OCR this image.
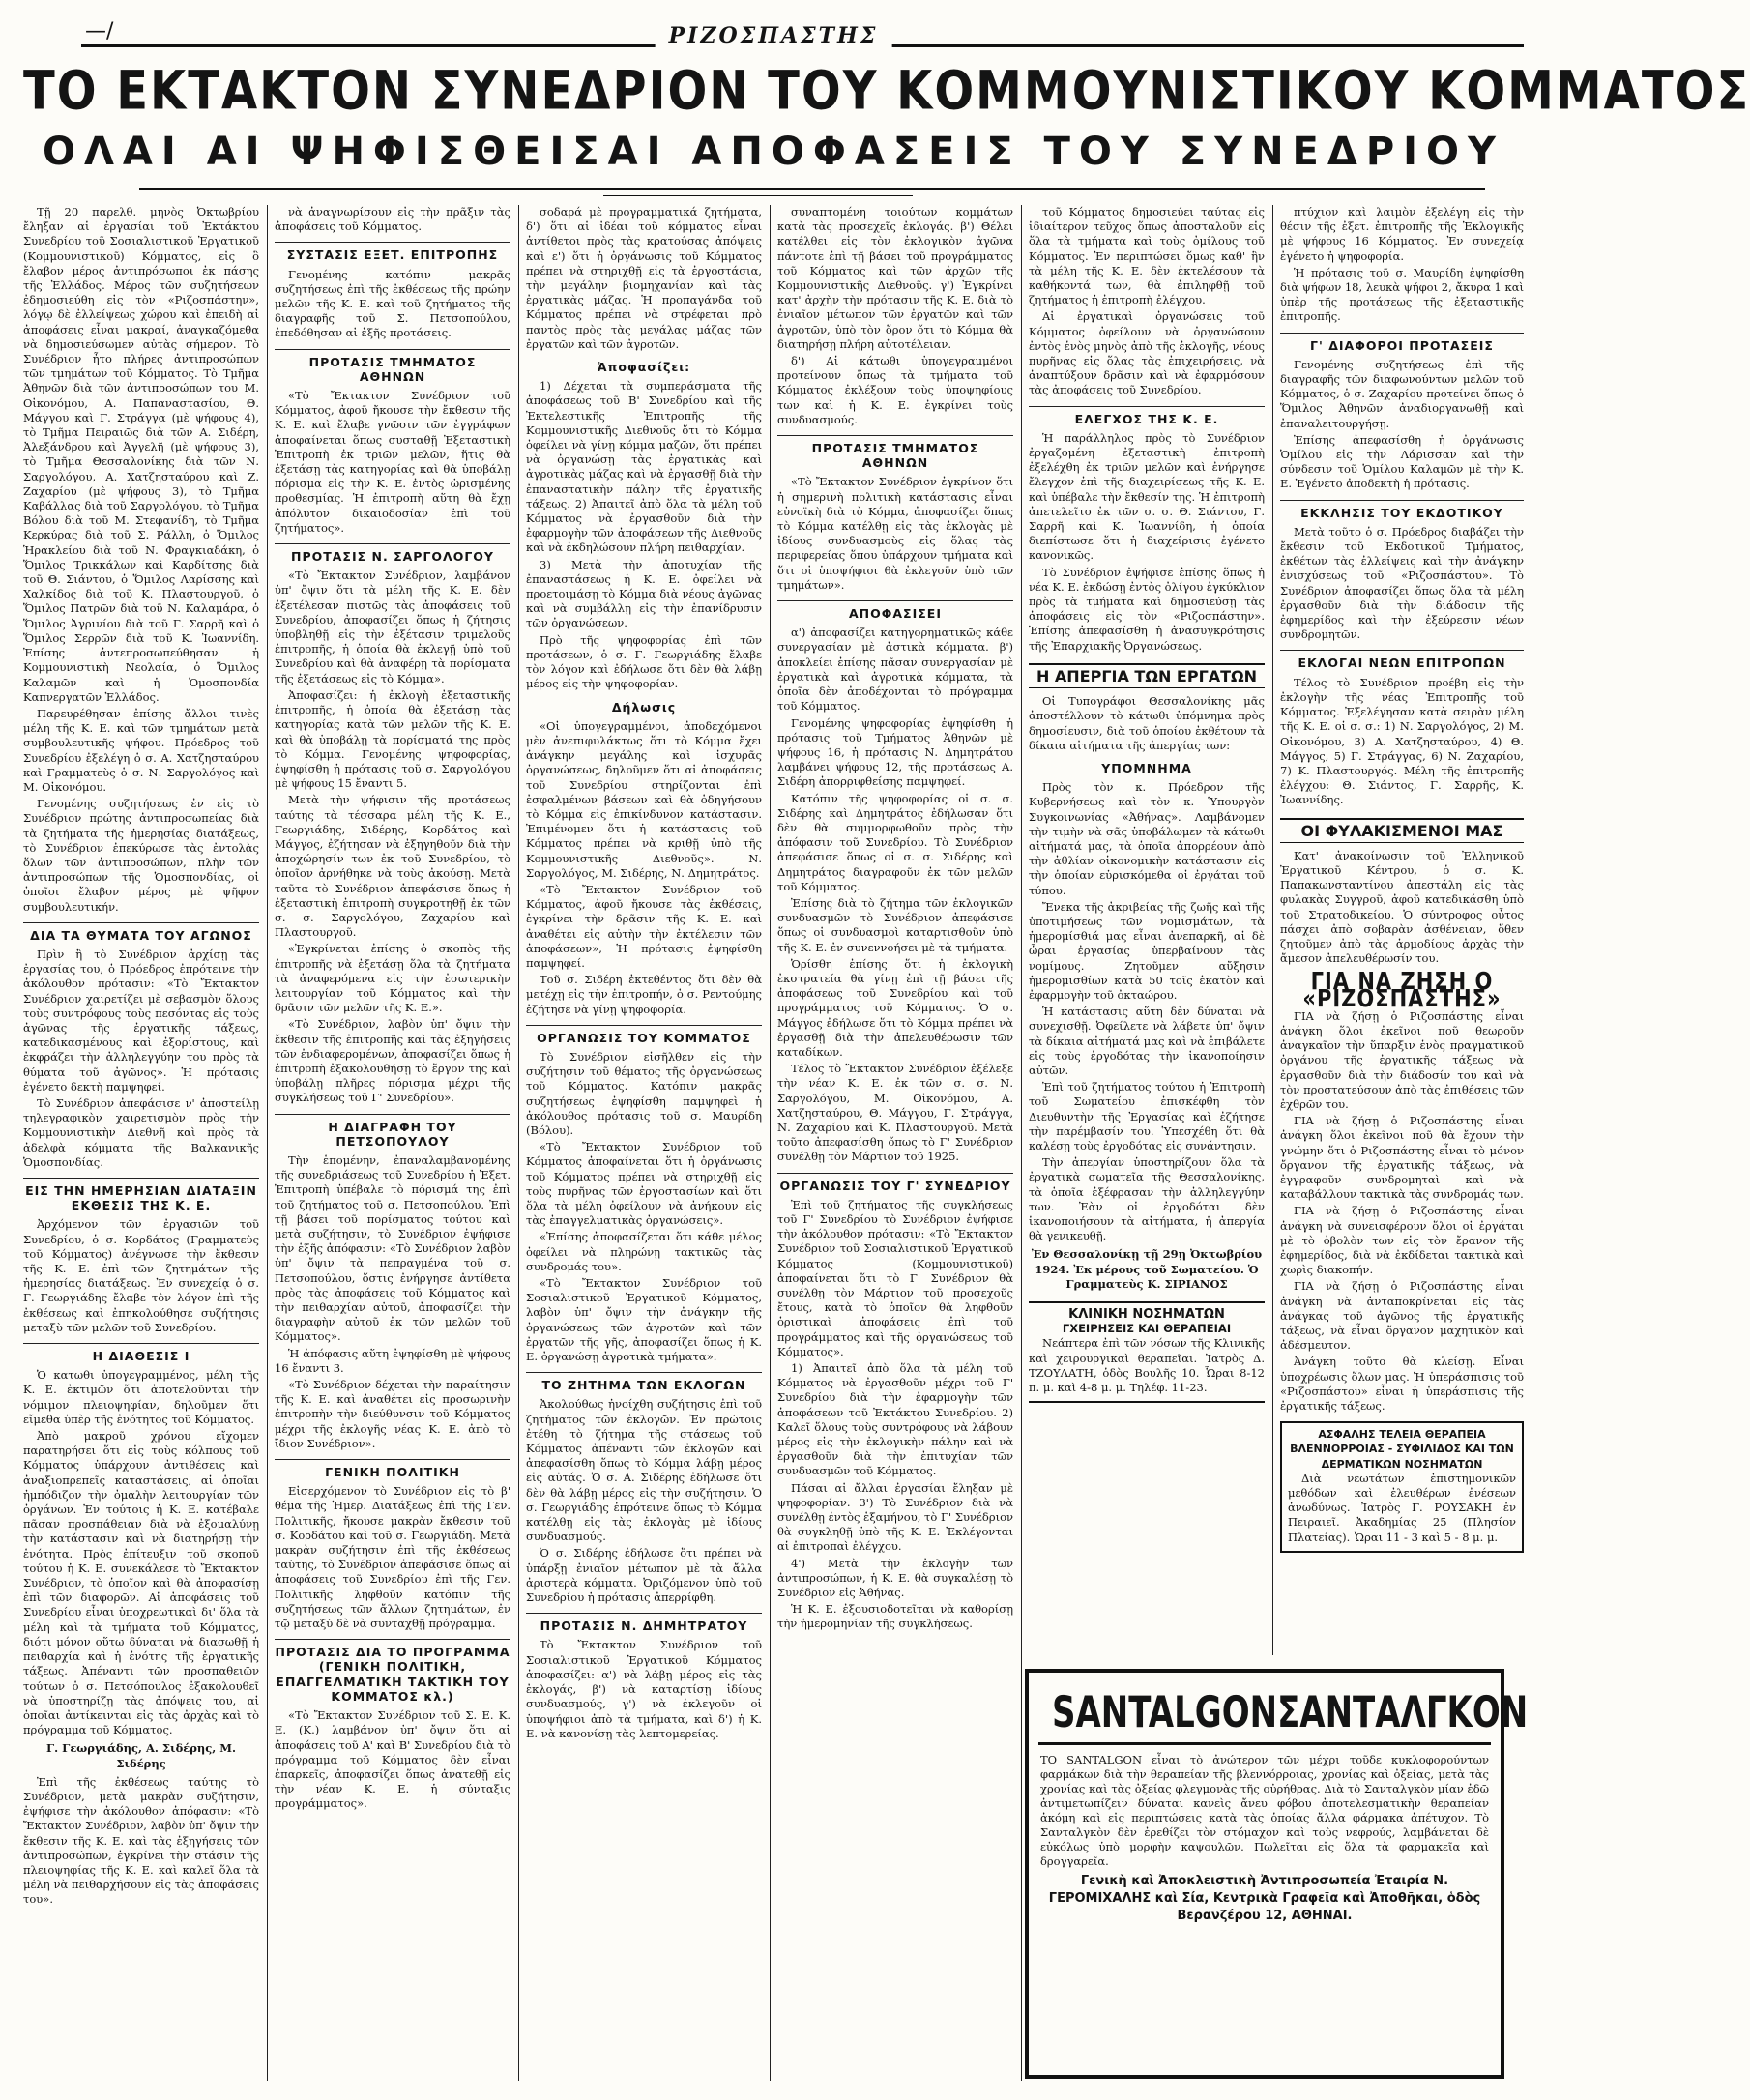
—/	ΡΙΖΟΣΠΑΣΤΗΣ
ΤΟ ΕΚΤΑΚΤΟΝ ΣΥΝΕΔΡΙΟΝ ΤΟΥ ΚΟΜΜΟΥΝΙΣΤΙΚΟΥ ΚΟΜΜΑΤΟΣ
ΟΛΑΙ ΑΙ ΨΗΦΙΣΘΕΙΣΑΙ ΑΠΟΦΑΣΕΙΣ ΤΟΥ ΣΥΝΕΔΡΙΟΥ

Τῇ 20 παρελθ. μηνὸς Ὀκτωβρίου ἔληξαν αἱ ἐργασίαι τοῦ Ἐκτάκτου Συνεδρίου τοῦ Σοσιαλιστικοῦ Ἐργατικοῦ (Κομμουνιστικοῦ) Κόμματος, εἰς ὃ ἔλαβον μέρος ἀντιπρόσωποι ἐκ πάσης τῆς Ἑλλάδος. Μέρος τῶν συζητήσεων ἐδημοσιεύθη εἰς τὸν «Ριζοσπάστην», λόγῳ δὲ ἐλλείψεως χώρου καὶ ἐπειδὴ αἱ ἀποφάσεις εἶναι μακραί, ἀναγκαζόμεθα νὰ δημοσιεύσωμεν αὐτὰς σήμερον. Τὸ Συνέδριον ἦτο πλήρες ἀντιπροσώπων τῶν τμημάτων τοῦ Κόμματος. Τὸ Τμῆμα Ἀθηνῶν διὰ τῶν ἀντιπροσώπων του Μ. Οἰκονόμου, Α. Παπαναστασίου, Θ. Μάγγου καὶ Γ. Στράγγα (μὲ ψήφους 4), τὸ Τμῆμα Πειραιῶς διὰ τῶν Α. Σιδέρη, Ἀλεξάνδρου καὶ Ἀγγελῆ (μὲ ψήφους 3), τὸ Τμῆμα Θεσσαλονίκης διὰ τῶν Ν. Σαργολόγου, Α. Χατζησταύρου καὶ Ζ. Ζαχαρίου (μὲ ψήφους 3), τὸ Τμῆμα Καβάλλας διὰ τοῦ Σαργολόγου, τὸ Τμῆμα Βόλου διὰ τοῦ Μ. Στεφανίδη, τὸ Τμῆμα Κερκύρας διὰ τοῦ Σ. Ράλλη, ὁ Ὅμιλος Ἡρακλείου διὰ τοῦ Ν. Φραγκιαδάκη, ὁ Ὅμιλος Τρικκάλων καὶ Καρδίτσης διὰ τοῦ Θ. Σιάντου, ὁ Ὅμιλος Λαρίσσης καὶ Χαλκίδος διὰ τοῦ Κ. Πλαστουργοῦ, ὁ Ὅμιλος Πατρῶν διὰ τοῦ Ν. Καλαμάρα, ὁ Ὅμιλος Ἀγρινίου διὰ τοῦ Γ. Σαρρῆ καὶ ὁ Ὅμιλος Σερρῶν διὰ τοῦ Κ. Ἰωαννίδη. Ἐπίσης ἀντεπροσωπεύθησαν ἡ Κομμουνιστικὴ Νεολαία, ὁ Ὅμιλος Καλαμῶν καὶ ἡ Ὁμοσπονδία Καπνεργατῶν Ἑλλάδος.

Παρευρέθησαν ἐπίσης ἄλλοι τινὲς μέλη τῆς Κ. Ε. καὶ τῶν τμημάτων μετὰ συμβουλευτικῆς ψήφου. Πρόεδρος τοῦ Συνεδρίου ἐξελέγη ὁ σ. Α. Χατζησταύρου καὶ Γραμματεὺς ὁ σ. Ν. Σαργολόγος καὶ Μ. Οἰκονόμου.

Γενομένης συζητήσεως ἐν εἰς τὸ Συνέδριον πρώτης ἀντιπροσωπείας διὰ τὰ ζητήματα τῆς ἡμερησίας διατάξεως, τὸ Συνέδριον ἐπεκύρωσε τὰς ἐντολὰς ὅλων τῶν ἀντιπροσώπων, πλὴν τῶν ἀντιπροσώπων τῆς Ὁμοσπονδίας, οἱ ὁποῖοι ἔλαβον μέρος μὲ ψῆφον συμβουλευτικήν.

ΔΙΑ ΤΑ ΘΥΜΑΤΑ ΤΟΥ ΑΓΩΝΟΣ

Πρὶν ἢ τὸ Συνέδριον ἀρχίσῃ τὰς ἐργασίας του, ὁ Πρόεδρος ἐπρότεινε τὴν ἀκόλουθον πρότασιν: «Τὸ Ἔκτακτον Συνέδριον χαιρετίζει μὲ σεβασμὸν ὅλους τοὺς συντρόφους τοὺς πεσόντας εἰς τοὺς ἀγῶνας τῆς ἐργατικῆς τάξεως, κατεδικασμένους καὶ ἐξορίστους, καὶ ἐκφράζει τὴν ἀλληλεγγύην του πρὸς τὰ θύματα τοῦ ἀγῶνος». Ἡ πρότασις ἐγένετο δεκτὴ παμψηφεί.

Τὸ Συνέδριον ἀπεφάσισε ν' ἀποστείλῃ τηλεγραφικὸν χαιρετισμὸν πρὸς τὴν Κομμουνιστικὴν Διεθνῆ καὶ πρὸς τὰ ἀδελφὰ κόμματα τῆς Βαλκανικῆς Ὁμοσπονδίας.

ΕΙΣ ΤΗΝ ΗΜΕΡΗΣΙΑΝ ΔΙΑΤΑΞΙΝ ΕΚΘΕΣΙΣ ΤΗΣ Κ. Ε.

Ἀρχόμενον τῶν ἐργασιῶν τοῦ Συνεδρίου, ὁ σ. Κορδάτος (Γραμματεὺς τοῦ Κόμματος) ἀνέγνωσε τὴν ἔκθεσιν τῆς Κ. Ε. ἐπὶ τῶν ζητημάτων τῆς ἡμερησίας διατάξεως. Ἐν συνεχείᾳ ὁ σ. Γ. Γεωργιάδης ἔλαβε τὸν λόγον ἐπὶ τῆς ἐκθέσεως καὶ ἐπηκολούθησε συζήτησις μεταξὺ τῶν μελῶν τοῦ Συνεδρίου.

Η ΔΙΑΘΕΣΙΣ Ι

Ὁ κατωθι ὑπογεγραμμένος, μέλη τῆς Κ. Ε. ἐκτιμῶν ὅτι ἀποτελοῦνται τὴν νόμιμον πλειοψηφίαν, δηλοῦμεν ὅτι εἴμεθα ὑπὲρ τῆς ἐνότητος τοῦ Κόμματος.

Ἀπὸ μακροῦ χρόνου εἴχομεν παρατηρήσει ὅτι εἰς τοὺς κόλπους τοῦ Κόμματος ὑπάρχουν ἀντιθέσεις καὶ ἀναξιοπρεπεῖς καταστάσεις, αἱ ὁποῖαι ἠμπόδιζον τὴν ὀμαλὴν λειτουργίαν τῶν ὀργάνων. Ἐν τούτοις ἡ Κ. Ε. κατέβαλε πᾶσαν προσπάθειαν διὰ νὰ ἐξομαλύνῃ τὴν κατάστασιν καὶ νὰ διατηρήσῃ τὴν ἑνότητα. Πρὸς ἐπίτευξιν τοῦ σκοποῦ τούτου ἡ Κ. Ε. συνεκάλεσε τὸ Ἔκτακτον Συνέδριον, τὸ ὁποῖον καὶ θὰ ἀποφασίσῃ ἐπὶ τῶν διαφορῶν. Αἱ ἀποφάσεις τοῦ Συνεδρίου εἶναι ὑποχρεωτικαὶ δι' ὅλα τὰ μέλη καὶ τὰ τμήματα τοῦ Κόμματος, διότι μόνον οὕτω δύναται νὰ διασωθῇ ἡ πειθαρχία καὶ ἡ ἑνότης τῆς ἐργατικῆς τάξεως. Ἀπέναντι τῶν προσπαθειῶν τούτων ὁ σ. Πετσόπουλος ἐξακολουθεῖ νὰ ὑποστηρίζῃ τὰς ἀπόψεις του, αἱ ὁποῖαι ἀντίκεινται εἰς τὰς ἀρχὰς καὶ τὸ πρόγραμμα τοῦ Κόμματος.

Γ. Γεωργιάδης, Α. Σιδέρης, Μ. Σιδέρης

Ἐπὶ τῆς ἐκθέσεως ταύτης τὸ Συνέδριον, μετὰ μακρὰν συζήτησιν, ἐψήφισε τὴν ἀκόλουθον ἀπόφασιν: «Τὸ Ἔκτακτον Συνέδριον, λαβὸν ὑπ' ὄψιν τὴν ἔκθεσιν τῆς Κ. Ε. καὶ τὰς ἐξηγήσεις τῶν ἀντιπροσώπων, ἐγκρίνει τὴν στάσιν τῆς πλειοψηφίας τῆς Κ. Ε. καὶ καλεῖ ὅλα τὰ μέλη νὰ πειθαρχήσουν εἰς τὰς ἀποφάσεις του».

νὰ ἀναγνωρίσουν εἰς τὴν πρᾶξιν τὰς ἀποφάσεις τοῦ Κόμματος.

ΣΥΣΤΑΣΙΣ ΕΞΕΤ. ΕΠΙΤΡΟΠΗΣ

Γενομένης κατόπιν μακρᾶς συζητήσεως ἐπὶ τῆς ἐκθέσεως τῆς πρώην μελῶν τῆς Κ. Ε. καὶ τοῦ ζητήματος τῆς διαγραφῆς τοῦ Σ. Πετσοπούλου, ἐπεδόθησαν αἱ ἑξῆς προτάσεις.

ΠΡΟΤΑΣΙΣ ΤΜΗΜΑΤΟΣ ΑΘΗΝΩΝ

«Τὸ Ἔκτακτον Συνέδριον τοῦ Κόμματος, ἀφοῦ ἤκουσε τὴν ἔκθεσιν τῆς Κ. Ε. καὶ ἔλαβε γνῶσιν τῶν ἐγγράφων ἀποφαίνεται ὅπως συσταθῇ Ἐξεταστικὴ Ἐπιτροπὴ ἐκ τριῶν μελῶν, ἥτις θὰ ἐξετάσῃ τὰς κατηγορίας καὶ θὰ ὑποβάλῃ πόρισμα εἰς τὴν Κ. Ε. ἐντὸς ὡρισμένης προθεσμίας. Ἡ ἐπιτροπὴ αὕτη θὰ ἔχῃ ἀπόλυτον δικαιοδοσίαν ἐπὶ τοῦ ζητήματος».

ΠΡΟΤΑΣΙΣ Ν. ΣΑΡΓΟΛΟΓΟΥ

«Τὸ Ἔκτακτον Συνέδριον, λαμβάνον ὑπ' ὄψιν ὅτι τὰ μέλη τῆς Κ. Ε. δὲν ἐξετέλεσαν πιστῶς τὰς ἀποφάσεις τοῦ Συνεδρίου, ἀποφασίζει ὅπως ἡ ζήτησις ὑποβληθῇ εἰς τὴν ἐξέτασιν τριμελοῦς ἐπιτροπῆς, ἡ ὁποία θὰ ἐκλεγῇ ὑπὸ τοῦ Συνεδρίου καὶ θὰ ἀναφέρῃ τὰ πορίσματα τῆς ἐξετάσεως εἰς τὸ Κόμμα».

Ἀποφασίζει: ἡ ἐκλογὴ ἐξεταστικῆς ἐπιτροπῆς, ἡ ὁποία θὰ ἐξετάσῃ τὰς κατηγορίας κατὰ τῶν μελῶν τῆς Κ. Ε. καὶ θὰ ὑποβάλῃ τὰ πορίσματά της πρὸς τὸ Κόμμα. Γενομένης ψηφοφορίας, ἐψηφίσθη ἡ πρότασις τοῦ σ. Σαργολόγου μὲ ψήφους 15 ἔναντι 5.

Μετὰ τὴν ψήφισιν τῆς προτάσεως ταύτης τὰ τέσσαρα μέλη τῆς Κ. Ε., Γεωργιάδης, Σιδέρης, Κορδάτος καὶ Μάγγος, ἐζήτησαν νὰ ἐξηγηθοῦν διὰ τὴν ἀποχώρησίν των ἐκ τοῦ Συνεδρίου, τὸ ὁποῖον ἀρνήθηκε νὰ τοὺς ἀκούσῃ. Μετὰ ταῦτα τὸ Συνέδριον ἀπεφάσισε ὅπως ἡ ἐξεταστικὴ ἐπιτροπὴ συγκροτηθῇ ἐκ τῶν σ. σ. Σαργολόγου, Ζαχαρίου καὶ Πλαστουργοῦ.

«Ἐγκρίνεται ἐπίσης ὁ σκοπὸς τῆς ἐπιτροπῆς νὰ ἐξετάσῃ ὅλα τὰ ζητήματα τὰ ἀναφερόμενα εἰς τὴν ἐσωτερικὴν λειτουργίαν τοῦ Κόμματος καὶ τὴν δρᾶσιν τῶν μελῶν τῆς Κ. Ε.».

«Τὸ Συνέδριον, λαβὸν ὑπ' ὄψιν τὴν ἔκθεσιν τῆς ἐπιτροπῆς καὶ τὰς ἐξηγήσεις τῶν ἐνδιαφερομένων, ἀποφασίζει ὅπως ἡ ἐπιτροπὴ ἐξακολουθήσῃ τὸ ἔργον της καὶ ὑποβάλῃ πλῆρες πόρισμα μέχρι τῆς συγκλήσεως τοῦ Γ' Συνεδρίου».

Η ΔΙΑΓΡΑΦΗ ΤΟΥ ΠΕΤΣΟΠΟΥΛΟΥ

Τὴν ἑπομένην, ἐπαναλαμβανομένης τῆς συνεδριάσεως τοῦ Συνεδρίου ἡ Ἐξετ. Ἐπιτροπὴ ὑπέβαλε τὸ πόρισμά της ἐπὶ τοῦ ζητήματος τοῦ σ. Πετσοπούλου. Ἐπὶ τῇ βάσει τοῦ πορίσματος τούτου καὶ μετὰ συζήτησιν, τὸ Συνέδριον ἐψήφισε τὴν ἑξῆς ἀπόφασιν: «Τὸ Συνέδριον λαβὸν ὑπ' ὄψιν τὰ πεπραγμένα τοῦ σ. Πετσοπούλου, ὅστις ἐνήργησε ἀντίθετα πρὸς τὰς ἀποφάσεις τοῦ Κόμματος καὶ τὴν πειθαρχίαν αὐτοῦ, ἀποφασίζει τὴν διαγραφὴν αὐτοῦ ἐκ τῶν μελῶν τοῦ Κόμματος».

Ἡ ἀπόφασις αὕτη ἐψηφίσθη μὲ ψήφους 16 ἔναντι 3.

«Τὸ Συνέδριον δέχεται τὴν παραίτησιν τῆς Κ. Ε. καὶ ἀναθέτει εἰς προσωρινὴν ἐπιτροπὴν τὴν διεύθυνσιν τοῦ Κόμματος μέχρι τῆς ἐκλογῆς νέας Κ. Ε. ἀπὸ τὸ ἴδιον Συνέδριον».

ΓΕΝΙΚΗ ΠΟΛΙΤΙΚΗ

Εἰσερχόμενον τὸ Συνέδριον εἰς τὸ β' θέμα τῆς Ἡμερ. Διατάξεως ἐπὶ τῆς Γεν. Πολιτικῆς, ἤκουσε μακρὰν ἔκθεσιν τοῦ σ. Κορδάτου καὶ τοῦ σ. Γεωργιάδη. Μετὰ μακρὰν συζήτησιν ἐπὶ τῆς ἐκθέσεως ταύτης, τὸ Συνέδριον ἀπεφάσισε ὅπως αἱ ἀποφάσεις τοῦ Συνεδρίου ἐπὶ τῆς Γεν. Πολιτικῆς ληφθοῦν κατόπιν τῆς συζητήσεως τῶν ἄλλων ζητημάτων, ἐν τῷ μεταξὺ δὲ νὰ συνταχθῇ πρόγραμμα.

ΠΡΟΤΑΣΙΣ ΔΙΑ ΤΟ ΠΡΟΓΡΑΜΜΑ (ΓΕΝΙΚΗ ΠΟΛΙΤΙΚΗ, ΕΠΑΓΓΕΛΜΑΤΙΚΗ ΤΑΚΤΙΚΗ ΤΟΥ ΚΟΜΜΑΤΟΣ κλ.)

«Τὸ Ἔκτακτον Συνέδριον τοῦ Σ. Ε. Κ. Ε. (Κ.) λαμβάνον ὑπ' ὄψιν ὅτι αἱ ἀποφάσεις τοῦ Α' καὶ Β' Συνεδρίου διὰ τὸ πρόγραμμα τοῦ Κόμματος δὲν εἶναι ἐπαρκεῖς, ἀποφασίζει ὅπως ἀνατεθῇ εἰς τὴν νέαν Κ. Ε. ἡ σύνταξις προγράμματος».

σοδαρά μὲ προγραμματικά ζητήματα, δ') ὅτι αἱ ἰδέαι τοῦ κόμματος εἶναι ἀντίθετοι πρὸς τὰς κρατούσας ἀπόψεις καὶ ε') ὅτι ἡ ὀργάνωσις τοῦ Κόμματος πρέπει νὰ στηριχθῇ εἰς τὰ ἐργοστάσια, τὴν μεγάλην βιομηχανίαν καὶ τὰς ἐργατικὰς μάζας. Ἡ προπαγάνδα τοῦ Κόμματος πρέπει νὰ στρέφεται πρὸ παντὸς πρὸς τὰς μεγάλας μάζας τῶν ἐργατῶν καὶ τῶν ἀγροτῶν.

Ἀποφασίζει:

1) Δέχεται τὰ συμπεράσματα τῆς ἀποφάσεως τοῦ Β' Συνεδρίου καὶ τῆς Ἐκτελεστικῆς Ἐπιτροπῆς τῆς Κομμουνιστικῆς Διεθνοῦς ὅτι τὸ Κόμμα ὀφείλει νὰ γίνῃ κόμμα μαζῶν, ὅτι πρέπει νὰ ὀργανώσῃ τὰς ἐργατικὰς καὶ ἀγροτικὰς μάζας καὶ νὰ ἐργασθῇ διὰ τὴν ἐπαναστατικὴν πάλην τῆς ἐργατικῆς τάξεως. 2) Ἀπαιτεῖ ἀπὸ ὅλα τὰ μέλη τοῦ Κόμματος νὰ ἐργασθοῦν διὰ τὴν ἐφαρμογὴν τῶν ἀποφάσεων τῆς Διεθνοῦς καὶ νὰ ἐκδηλώσουν πλήρη πειθαρχίαν.

3) Μετὰ τὴν ἀποτυχίαν τῆς ἐπαναστάσεως ἡ Κ. Ε. ὀφείλει νὰ προετοιμάσῃ τὸ Κόμμα διὰ νέους ἀγῶνας καὶ νὰ συμβάλλῃ εἰς τὴν ἐπανίδρυσιν τῶν ὀργανώσεων.

Πρὸ τῆς ψηφοφορίας ἐπὶ τῶν προτάσεων, ὁ σ. Γ. Γεωργιάδης ἔλαβε τὸν λόγον καὶ ἐδήλωσε ὅτι δὲν θὰ λάβῃ μέρος εἰς τὴν ψηφοφορίαν.

Δήλωσις

«Οἱ ὑπογεγραμμένοι, ἀποδεχόμενοι μὲν ἀνεπιφυλάκτως ὅτι τὸ Κόμμα ἔχει ἀνάγκην μεγάλης καὶ ἰσχυρᾶς ὀργανώσεως, δηλοῦμεν ὅτι αἱ ἀποφάσεις τοῦ Συνεδρίου στηρίζονται ἐπὶ ἐσφαλμένων βάσεων καὶ θὰ ὁδηγήσουν τὸ Κόμμα εἰς ἐπικίνδυνον κατάστασιν. Ἐπιμένομεν ὅτι ἡ κατάστασις τοῦ Κόμματος πρέπει νὰ κριθῇ ὑπὸ τῆς Κομμουνιστικῆς Διεθνοῦς». Ν. Σαργολόγος, Μ. Σιδέρης, Ν. Δημητράτος.

«Τὸ Ἔκτακτον Συνέδριον τοῦ Κόμματος, ἀφοῦ ἤκουσε τὰς ἐκθέσεις, ἐγκρίνει τὴν δρᾶσιν τῆς Κ. Ε. καὶ ἀναθέτει εἰς αὐτὴν τὴν ἐκτέλεσιν τῶν ἀποφάσεων», Ἡ πρότασις ἐψηφίσθη παμψηφεί.

Τοῦ σ. Σιδέρη ἐκτεθέντος ὅτι δὲν θὰ μετέχῃ εἰς τὴν ἐπιτροπήν, ὁ σ. Ρεντούμης ἐζήτησε νὰ γίνῃ ψηφοφορία.

ΟΡΓΑΝΩΣΙΣ ΤΟΥ ΚΟΜΜΑΤΟΣ

Τὸ Συνέδριον εἰσῆλθεν εἰς τὴν συζήτησιν τοῦ θέματος τῆς ὀργανώσεως τοῦ Κόμματος. Κατόπιν μακρᾶς συζητήσεως ἐψηφίσθη παμψηφεὶ ἡ ἀκόλουθος πρότασις τοῦ σ. Μαυρίδη (Βόλου).

«Τὸ Ἔκτακτον Συνέδριον τοῦ Κόμματος ἀποφαίνεται ὅτι ἡ ὀργάνωσις τοῦ Κόμματος πρέπει νὰ στηριχθῇ εἰς τοὺς πυρῆνας τῶν ἐργοστασίων καὶ ὅτι ὅλα τὰ μέλη ὀφείλουν νὰ ἀνήκουν εἰς τὰς ἐπαγγελματικὰς ὀργανώσεις».

«Ἐπίσης ἀποφασίζεται ὅτι κάθε μέλος ὀφείλει νὰ πληρώνῃ τακτικῶς τὰς συνδρομάς του».

«Τὸ Ἔκτακτον Συνέδριον τοῦ Σοσιαλιστικοῦ Ἐργατικοῦ Κόμματος, λαβὸν ὑπ' ὄψιν τὴν ἀνάγκην τῆς ὀργανώσεως τῶν ἀγροτῶν καὶ τῶν ἐργατῶν τῆς γῆς, ἀποφασίζει ὅπως ἡ Κ. Ε. ὀργανώσῃ ἀγροτικὰ τμήματα».

ΤΟ ΖΗΤΗΜΑ ΤΩΝ ΕΚΛΟΓΩΝ

Ἀκολούθως ἠνοίχθη συζήτησις ἐπὶ τοῦ ζητήματος τῶν ἐκλογῶν. Ἐν πρώτοις ἐτέθη τὸ ζήτημα τῆς στάσεως τοῦ Κόμματος ἀπέναντι τῶν ἐκλογῶν καὶ ἀπεφασίσθη ὅπως τὸ Κόμμα λάβῃ μέρος εἰς αὐτάς. Ὁ σ. Α. Σιδέρης ἐδήλωσε ὅτι δὲν θὰ λάβῃ μέρος εἰς τὴν συζήτησιν. Ὁ σ. Γεωργιάδης ἐπρότεινε ὅπως τὸ Κόμμα κατέλθῃ εἰς τὰς ἐκλογὰς μὲ ἰδίους συνδυασμούς.

Ὁ σ. Σιδέρης ἐδήλωσε ὅτι πρέπει νὰ ὑπάρξῃ ἐνιαῖον μέτωπον μὲ τὰ ἄλλα ἀριστερὰ κόμματα. Ὀριζόμενον ὑπὸ τοῦ Συνεδρίου ἡ πρότασις ἀπερρίφθη.

ΠΡΟΤΑΣΙΣ Ν. ΔΗΜΗΤΡΑΤΟΥ

Τὸ Ἔκτακτον Συνέδριον τοῦ Σοσιαλιστικοῦ Ἐργατικοῦ Κόμματος ἀποφασίζει: α') νὰ λάβῃ μέρος εἰς τὰς ἐκλογάς, β') νὰ καταρτίσῃ ἰδίους συνδυασμούς, γ') νὰ ἐκλεγοῦν οἱ ὑποψήφιοι ἀπὸ τὰ τμήματα, καὶ δ') ἡ Κ. Ε. νὰ κανονίσῃ τὰς λεπτομερείας.

συναπτομένη τοιούτων κομμάτων κατὰ τὰς προσεχεῖς ἐκλογάς. β') Θέλει κατέλθει εἰς τὸν ἐκλογικὸν ἀγῶνα πάντοτε ἐπὶ τῇ βάσει τοῦ προγράμματος τοῦ Κόμματος καὶ τῶν ἀρχῶν τῆς Κομμουνιστικῆς Διεθνοῦς. γ') Ἐγκρίνει κατ' ἀρχὴν τὴν πρότασιν τῆς Κ. Ε. διὰ τὸ ἐνιαῖον μέτωπον τῶν ἐργατῶν καὶ τῶν ἀγροτῶν, ὑπὸ τὸν ὅρον ὅτι τὸ Κόμμα θὰ διατηρήσῃ πλήρη αὐτοτέλειαν.

δ') Αἱ κάτωθι ὑπογεγραμμένοι προτείνουν ὅπως τὰ τμήματα τοῦ Κόμματος ἐκλέξουν τοὺς ὑποψηφίους των καὶ ἡ Κ. Ε. ἐγκρίνει τοὺς συνδυασμούς.

ΠΡΟΤΑΣΙΣ ΤΜΗΜΑΤΟΣ ΑΘΗΝΩΝ

«Τὸ Ἔκτακτον Συνέδριον ἐγκρίνον ὅτι ἡ σημερινὴ πολιτικὴ κατάστασις εἶναι εὐνοϊκὴ διὰ τὸ Κόμμα, ἀποφασίζει ὅπως τὸ Κόμμα κατέλθῃ εἰς τὰς ἐκλογὰς μὲ ἰδίους συνδυασμοὺς εἰς ὅλας τὰς περιφερείας ὅπου ὑπάρχουν τμήματα καὶ ὅτι οἱ ὑποψήφιοι θὰ ἐκλεγοῦν ὑπὸ τῶν τμημάτων».

ΑΠΟΦΑΣΙΣΕΙ

α') ἀποφασίζει κατηγορηματικῶς κάθε συνεργασίαν μὲ ἀστικὰ κόμματα. β') ἀποκλείει ἐπίσης πᾶσαν συνεργασίαν μὲ ἐργατικὰ καὶ ἀγροτικὰ κόμματα, τὰ ὁποῖα δὲν ἀποδέχονται τὸ πρόγραμμα τοῦ Κόμματος.

Γενομένης ψηφοφορίας ἐψηφίσθη ἡ πρότασις τοῦ Τμήματος Ἀθηνῶν μὲ ψήφους 16, ἡ πρότασις Ν. Δημητράτου λαμβάνει ψήφους 12, τῆς προτάσεως Α. Σιδέρη ἀπορριφθείσης παμψηφεί.

Κατόπιν τῆς ψηφοφορίας οἱ σ. σ. Σιδέρης καὶ Δημητράτος ἐδήλωσαν ὅτι δὲν θὰ συμμορφωθοῦν πρὸς τὴν ἀπόφασιν τοῦ Συνεδρίου. Τὸ Συνέδριον ἀπεφάσισε ὅπως οἱ σ. σ. Σιδέρης καὶ Δημητράτος διαγραφοῦν ἐκ τῶν μελῶν τοῦ Κόμματος.

Ἐπίσης διὰ τὸ ζήτημα τῶν ἐκλογικῶν συνδυασμῶν τὸ Συνέδριον ἀπεφάσισε ὅπως οἱ συνδυασμοὶ καταρτισθοῦν ὑπὸ τῆς Κ. Ε. ἐν συνεννοήσει μὲ τὰ τμήματα.

Ὁρίσθη ἐπίσης ὅτι ἡ ἐκλογικὴ ἐκστρατεία θὰ γίνῃ ἐπὶ τῇ βάσει τῆς ἀποφάσεως τοῦ Συνεδρίου καὶ τοῦ προγράμματος τοῦ Κόμματος. Ὁ σ. Μάγγος ἐδήλωσε ὅτι τὸ Κόμμα πρέπει νὰ ἐργασθῇ διὰ τὴν ἀπελευθέρωσιν τῶν καταδίκων.

Τέλος τὸ Ἔκτακτον Συνέδριον ἐξέλεξε τὴν νέαν Κ. Ε. ἐκ τῶν σ. σ. Ν. Σαργολόγου, Μ. Οἰκονόμου, Α. Χατζησταύρου, Θ. Μάγγου, Γ. Στράγγα, Ν. Ζαχαρίου καὶ Κ. Πλαστουργοῦ. Μετὰ τοῦτο ἀπεφασίσθη ὅπως τὸ Γ' Συνέδριον συνέλθῃ τὸν Μάρτιον τοῦ 1925.

ΟΡΓΑΝΩΣΙΣ ΤΟΥ Γ' ΣΥΝΕΔΡΙΟΥ

Ἐπὶ τοῦ ζητήματος τῆς συγκλήσεως τοῦ Γ' Συνεδρίου τὸ Συνέδριον ἐψήφισε τὴν ἀκόλουθον πρότασιν: «Τὸ Ἔκτακτον Συνέδριον τοῦ Σοσιαλιστικοῦ Ἐργατικοῦ Κόμματος (Κομμουνιστικοῦ) ἀποφαίνεται ὅτι τὸ Γ' Συνέδριον θὰ συνέλθῃ τὸν Μάρτιον τοῦ προσεχοῦς ἔτους, κατὰ τὸ ὁποῖον θὰ ληφθοῦν ὁριστικαὶ ἀποφάσεις ἐπὶ τοῦ προγράμματος καὶ τῆς ὀργανώσεως τοῦ Κόμματος».

1) Ἀπαιτεῖ ἀπὸ ὅλα τὰ μέλη τοῦ Κόμματος νὰ ἐργασθοῦν μέχρι τοῦ Γ' Συνεδρίου διὰ τὴν ἐφαρμογὴν τῶν ἀποφάσεων τοῦ Ἐκτάκτου Συνεδρίου. 2) Καλεῖ ὅλους τοὺς συντρόφους νὰ λάβουν μέρος εἰς τὴν ἐκλογικὴν πάλην καὶ νὰ ἐργασθοῦν διὰ τὴν ἐπιτυχίαν τῶν συνδυασμῶν τοῦ Κόμματος.

Πάσαι αἱ ἄλλαι ἐργασίαι ἔληξαν μὲ ψηφοφορίαν. 3') Τὸ Συνέδριον διὰ νὰ συνέλθῃ ἐντὸς ἑξαμήνου, τὸ Γ' Συνέδριον θὰ συγκληθῇ ὑπὸ τῆς Κ. Ε. Ἐκλέγονται αἱ ἐπιτροπαὶ ἐλέγχου.

4') Μετὰ τὴν ἐκλογὴν τῶν ἀντιπροσώπων, ἡ Κ. Ε. θὰ συγκαλέσῃ τὸ Συνέδριον εἰς Ἀθήνας.

Ἡ Κ. Ε. ἐξουσιοδοτεῖται νὰ καθορίσῃ τὴν ἡμερομηνίαν τῆς συγκλήσεως.

τοῦ Κόμματος δημοσιεύει ταύτας εἰς ἰδιαίτερον τεῦχος ὅπως ἀποσταλοῦν εἰς ὅλα τὰ τμήματα καὶ τοὺς ὀμίλους τοῦ Κόμματος. Ἐν περιπτώσει ὅμως καθ' ἣν τὰ μέλη τῆς Κ. Ε. δὲν ἐκτελέσουν τὰ καθήκοντά των, θὰ ἐπιληφθῇ τοῦ ζητήματος ἡ ἐπιτροπὴ ἐλέγχου.

Αἱ ἐργατικαὶ ὀργανώσεις τοῦ Κόμματος ὀφείλουν νὰ ὀργανώσουν ἐντὸς ἑνὸς μηνὸς ἀπὸ τῆς ἐκλογῆς, νέους πυρῆνας εἰς ὅλας τὰς ἐπιχειρήσεις, νὰ ἀναπτύξουν δρᾶσιν καὶ νὰ ἐφαρμόσουν τὰς ἀποφάσεις τοῦ Συνεδρίου.

ΕΛΕΓΧΟΣ ΤΗΣ Κ. Ε.

Ἡ παράλληλος πρὸς τὸ Συνέδριον ἐργαζομένη ἐξεταστικὴ ἐπιτροπὴ ἐξελέχθη ἐκ τριῶν μελῶν καὶ ἐνήργησε ἔλεγχον ἐπὶ τῆς διαχειρίσεως τῆς Κ. Ε. καὶ ὑπέβαλε τὴν ἔκθεσίν της. Ἡ ἐπιτροπὴ ἀπετελεῖτο ἐκ τῶν σ. σ. Θ. Σιάντου, Γ. Σαρρῆ καὶ Κ. Ἰωαννίδη, ἡ ὁποία διεπίστωσε ὅτι ἡ διαχείρισις ἐγένετο κανονικῶς.

Τὸ Συνέδριον ἐψήφισε ἐπίσης ὅπως ἡ νέα Κ. Ε. ἐκδώσῃ ἐντὸς ὀλίγου ἐγκύκλιον πρὸς τὰ τμήματα καὶ δημοσιεύσῃ τὰς ἀποφάσεις εἰς τὸν «Ριζοσπάστην». Ἐπίσης ἀπεφασίσθη ἡ ἀνασυγκρότησις τῆς Ἐπαρχιακῆς Ὀργανώσεως.

Η ΑΠΕΡΓΙΑ ΤΩΝ ΕΡΓΑΤΩΝ

Οἱ Τυπογράφοι Θεσσαλονίκης μᾶς ἀποστέλλουν τὸ κάτωθι ὑπόμνημα πρὸς δημοσίευσιν, διὰ τοῦ ὁποίου ἐκθέτουν τὰ δίκαια αἰτήματα τῆς ἀπεργίας των:

ΥΠΟΜΝΗΜΑ

Πρὸς τὸν κ. Πρόεδρον τῆς Κυβερνήσεως καὶ τὸν κ. Ὑπουργὸν Συγκοινωνίας «Ἀθήνας». Λαμβάνομεν τὴν τιμὴν νὰ σᾶς ὑποβάλωμεν τὰ κάτωθι αἰτήματά μας, τὰ ὁποῖα ἀπορρέουν ἀπὸ τὴν ἀθλίαν οἰκονομικὴν κατάστασιν εἰς τὴν ὁποίαν εὑρισκόμεθα οἱ ἐργάται τοῦ τύπου.

Ἔνεκα τῆς ἀκριβείας τῆς ζωῆς καὶ τῆς ὑποτιμήσεως τῶν νομισμάτων, τὰ ἡμερομίσθιά μας εἶναι ἀνεπαρκῆ, αἱ δὲ ὧραι ἐργασίας ὑπερβαίνουν τὰς νομίμους. Ζητοῦμεν αὔξησιν ἡμερομισθίων κατὰ 50 τοῖς ἑκατὸν καὶ ἐφαρμογὴν τοῦ ὀκταώρου.

Ἡ κατάστασις αὕτη δὲν δύναται νὰ συνεχισθῇ. Ὀφείλετε νὰ λάβετε ὑπ' ὄψιν τὰ δίκαια αἰτήματά μας καὶ νὰ ἐπιβάλετε εἰς τοὺς ἐργοδότας τὴν ἱκανοποίησιν αὐτῶν.

Ἐπὶ τοῦ ζητήματος τούτου ἡ Ἐπιτροπὴ τοῦ Σωματείου ἐπισκέφθη τὸν Διευθυντὴν τῆς Ἐργασίας καὶ ἐζήτησε τὴν παρέμβασίν του. Ὑπεσχέθη ὅτι θὰ καλέσῃ τοὺς ἐργοδότας εἰς συνάντησιν.

Τὴν ἀπεργίαν ὑποστηρίζουν ὅλα τὰ ἐργατικὰ σωματεῖα τῆς Θεσσαλονίκης, τὰ ὁποῖα ἐξέφρασαν τὴν ἀλληλεγγύην των. Ἐὰν οἱ ἐργοδόται δὲν ἱκανοποιήσουν τὰ αἰτήματα, ἡ ἀπεργία θὰ γενικευθῇ.

Ἐν Θεσσαλονίκῃ τῇ 29ῃ Ὀκτωβρίου 1924. Ἐκ μέρους τοῦ Σωματείου. Ὁ Γραμματεὺς Κ. ΣΙΡΙΑΝΟΣ

ΚΛΙΝΙΚΗ ΝΟΣΗΜΑΤΩΝ
ΓΧΕΙΡΗΣΕΙΣ ΚΑΙ ΘΕΡΑΠΕΙΑΙ

Νεάπτερα ἐπὶ τῶν νόσων τῆς Κλινικῆς καὶ χειρουργικαὶ θεραπεῖαι. Ἰατρὸς Δ. ΤΖΟΥΛΑΤΗ, ὁδὸς Βουλῆς 10. Ὧραι 8-12 π. μ. καὶ 4-8 μ. μ. Τηλέφ. 11-23.

πτύχιον καὶ λαιμὸν ἐξελέγη εἰς τὴν θέσιν τῆς ἐξετ. ἐπιτροπῆς τῆς Ἐκλογικῆς μὲ ψήφους 16 Κόμματος. Ἐν συνεχείᾳ ἐγένετο ἡ ψηφοφορία.

Ἡ πρότασις τοῦ σ. Μαυρίδη ἐψηφίσθη διὰ ψήφων 18, λευκὰ ψήφοι 2, ἄκυρα 1 καὶ ὑπὲρ τῆς προτάσεως τῆς ἐξεταστικῆς ἐπιτροπῆς.

Γ' ΔΙΑΦΟΡΟΙ ΠΡΟΤΑΣΕΙΣ

Γενομένης συζητήσεως ἐπὶ τῆς διαγραφῆς τῶν διαφωνούντων μελῶν τοῦ Κόμματος, ὁ σ. Ζαχαρίου προτείνει ὅπως ὁ Ὅμιλος Ἀθηνῶν ἀναδιοργανωθῇ καὶ ἐπαναλειτουργήσῃ.

Ἐπίσης ἀπεφασίσθη ἡ ὀργάνωσις Ὁμίλου εἰς τὴν Λάρισσαν καὶ τὴν σύνδεσιν τοῦ Ὁμίλου Καλαμῶν μὲ τὴν Κ. Ε. Ἐγένετο ἀποδεκτὴ ἡ πρότασις.

ΕΚΚΛΗΣΙΣ ΤΟΥ ΕΚΔΟΤΙΚΟΥ

Μετὰ τοῦτο ὁ σ. Πρόεδρος διαβάζει τὴν ἔκθεσιν τοῦ Ἐκδοτικοῦ Τμήματος, ἐκθέτων τὰς ἐλλείψεις καὶ τὴν ἀνάγκην ἐνισχύσεως τοῦ «Ριζοσπάστου». Τὸ Συνέδριον ἀποφασίζει ὅπως ὅλα τὰ μέλη ἐργασθοῦν διὰ τὴν διάδοσιν τῆς ἐφημερίδος καὶ τὴν ἐξεύρεσιν νέων συνδρομητῶν.

ΕΚΛΟΓΑΙ ΝΕΩΝ ΕΠΙΤΡΟΠΩΝ

Τέλος τὸ Συνέδριον προέβη εἰς τὴν ἐκλογὴν τῆς νέας Ἐπιτροπῆς τοῦ Κόμματος. Ἐξελέγησαν κατὰ σειρὰν μέλη τῆς Κ. Ε. οἱ σ. σ.: 1) Ν. Σαργολόγος, 2) Μ. Οἰκονόμου, 3) Α. Χατζησταύρου, 4) Θ. Μάγγος, 5) Γ. Στράγγας, 6) Ν. Ζαχαρίου, 7) Κ. Πλαστουργός. Μέλη τῆς ἐπιτροπῆς ἐλέγχου: Θ. Σιάντος, Γ. Σαρρῆς, Κ. Ἰωαννίδης.

ΟΙ ΦΥΛΑΚΙΣΜΕΝΟΙ ΜΑΣ

Κατ' ἀνακοίνωσιν τοῦ Ἐλληνικοῦ Ἐργατικοῦ Κέντρου, ὁ σ. Κ. Παπακωνσταντίνου ἀπεστάλη εἰς τὰς φυλακὰς Συγγροῦ, ἀφοῦ κατεδικάσθη ὑπὸ τοῦ Στρατοδικείου. Ὁ σύντροφος οὗτος πάσχει ἀπὸ σοβαρὰν ἀσθένειαν, ὅθεν ζητοῦμεν ἀπὸ τὰς ἁρμοδίους ἀρχὰς τὴν ἄμεσον ἀπελευθέρωσίν του.

ΓΙΑ ΝΑ ΖΗΣΗ Ο «ΡΙΖΟΣΠΑΣΤΗΣ»

ΓΙΑ νὰ ζήσῃ ὁ Ριζοσπάστης εἶναι ἀνάγκη ὅλοι ἐκεῖνοι ποῦ θεωροῦν ἀναγκαῖον τὴν ὕπαρξιν ἑνὸς πραγματικοῦ ὀργάνου τῆς ἐργατικῆς τάξεως νὰ ἐργασθοῦν διὰ τὴν διάδοσίν του καὶ νὰ τὸν προστατεύσουν ἀπὸ τὰς ἐπιθέσεις τῶν ἐχθρῶν του.

ΓΙΑ νὰ ζήσῃ ὁ Ριζοσπάστης εἶναι ἀνάγκη ὅλοι ἐκεῖνοι ποῦ θὰ ἔχουν τὴν γνώμην ὅτι ὁ Ριζοσπάστης εἶναι τὸ μόνον ὄργανον τῆς ἐργατικῆς τάξεως, νὰ ἐγγραφοῦν συνδρομηταὶ καὶ νὰ καταβάλλουν τακτικὰ τὰς συνδρομάς των.

ΓΙΑ νὰ ζήσῃ ὁ Ριζοσπάστης εἶναι ἀνάγκη νὰ συνεισφέρουν ὅλοι οἱ ἐργάται μὲ τὸ ὀβολὸν των εἰς τὸν ἔρανον τῆς ἐφημερίδος, διὰ νὰ ἐκδίδεται τακτικὰ καὶ χωρὶς διακοπήν.

ΓΙΑ νὰ ζήσῃ ὁ Ριζοσπάστης εἶναι ἀνάγκη νὰ ἀνταποκρίνεται εἰς τὰς ἀνάγκας τοῦ ἀγῶνος τῆς ἐργατικῆς τάξεως, νὰ εἶναι ὄργανον μαχητικὸν καὶ ἀδέσμευτον.

Ἀνάγκη τοῦτο θὰ κλείσῃ. Εἶναι ὑποχρέωσις ὅλων μας. Ἡ ὑπεράσπισις τοῦ «Ριζοσπάστου» εἶναι ἡ ὑπεράσπισις τῆς ἐργατικῆς τάξεως.

ΑΣΦΑΛΗΣ ΤΕΛΕΙΑ ΘΕΡΑΠΕΙΑ ΒΛΕΝΝΟΡΡΟΙΑΣ - ΣΥΦΙΛΙΔΟΣ ΚΑΙ ΤΩΝ ΔΕΡΜΑΤΙΚΩΝ ΝΟΣΗΜΑΤΩΝ

Διὰ νεωτάτων ἐπιστημονικῶν μεθόδων καὶ ἐλευθέρων ἐνέσεων ἀνωδύνως. Ἰατρὸς Γ. ΡΟΥΣΑΚΗ ἐν Πειραιεῖ. Ἀκαδημίας 25 (Πλησίον Πλατείας). Ὧραι 11 - 3 καὶ 5 - 8 μ. μ.

SANTALGON ΣΑΝΤΑΛΓΚΟΝ
ΤΟ SANTALGON εἶναι τὸ ἀνώτερον τῶν μέχρι τοῦδε κυκλοφορούντων φαρμάκων διὰ τὴν θεραπείαν τῆς βλεννόρροιας, χρονίας καὶ ὀξείας, μετὰ τὰς χρονίας καὶ τὰς ὀξείας φλεγμονὰς τῆς οὐρήθρας. Διὰ τὸ Σανταλγκὸν μίαν ἐδῶ ἀντιμετωπίζειν δύναται κανεὶς ἄνευ φόβου ἀποτελεσματικὴν θεραπείαν ἀκόμη καὶ εἰς περιπτώσεις κατὰ τὰς ὁποίας ἄλλα φάρμακα ἀπέτυχον. Τὸ Σανταλγκὸν δὲν ἐρεθίζει τὸν στόμαχον καὶ τοὺς νεφρούς, λαμβάνεται δὲ εὐκόλως ὑπὸ μορφὴν καψουλῶν. Πωλεῖται εἰς ὅλα τὰ φαρμακεῖα καὶ δρογγαρεῖα.
Γενικὴ καὶ Ἀποκλειστικὴ Ἀντιπροσωπεία Ἐταιρία Ν.
ΓΕΡΟΜΙΧΑΛΗΣ καὶ Σία, Κεντρικὰ Γραφεῖα καὶ Ἀποθῆκαι, ὁδὸς Βερανζέρου 12, ΑΘΗΝΑΙ.
